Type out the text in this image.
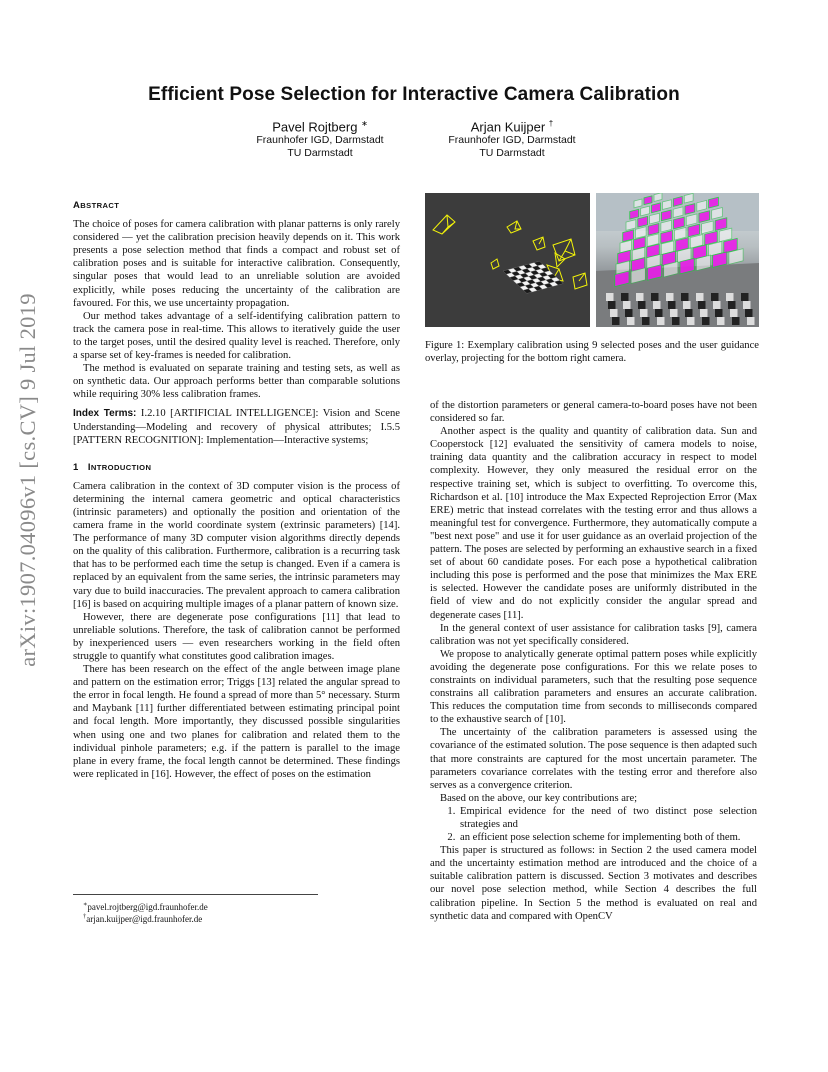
Efficient Pose Selection for Interactive Camera Calibration
Pavel Rojtberg ∗
Fraunhofer IGD, Darmstadt
TU Darmstadt
Arjan Kuijper †
Fraunhofer IGD, Darmstadt
TU Darmstadt
arXiv:1907.04096v1 [cs.CV] 9 Jul 2019
ABSTRACT

The choice of poses for camera calibration with planar patterns is only rarely considered — yet the calibration precision heavily depends on it. This work presents a pose selection method that finds a compact and robust set of calibration poses and is suitable for interactive calibration. Consequently, singular poses that would lead to an unreliable solution are avoided explicitly, while poses reducing the uncertainty of the calibration are favoured. For this, we use uncertainty propagation.

Our method takes advantage of a self-identifying calibration pattern to track the camera pose in real-time. This allows to iteratively guide the user to the target poses, until the desired quality level is reached. Therefore, only a sparse set of key-frames is needed for calibration.

The method is evaluated on separate training and testing sets, as well as on synthetic data. Our approach performs better than comparable solutions while requiring 30% less calibration frames.

Index Terms: I.2.10 [ARTIFICIAL INTELLIGENCE]: Vision and Scene Understanding—Modeling and recovery of physical attributes; I.5.5 [PATTERN RECOGNITION]: Implementation—Interactive systems;

1 INTRODUCTION

Camera calibration in the context of 3D computer vision is the process of determining the internal camera geometric and optical characteristics (intrinsic parameters) and optionally the position and orientation of the camera frame in the world coordinate system (extrinsic parameters) [14]. The performance of many 3D computer vision algorithms directly depends on the quality of this calibration. Furthermore, calibration is a recurring task that has to be performed each time the setup is changed. Even if a camera is replaced by an equivalent from the same series, the intrinsic parameters may vary due to build inaccuracies. The prevalent approach to camera calibration [16] is based on acquiring multiple images of a planar pattern of known size.

However, there are degenerate pose configurations [11] that lead to unreliable solutions. Therefore, the task of calibration cannot be performed by inexperienced users — even researchers working in the field often struggle to quantify what constitutes good calibration images.

There has been research on the effect of the angle between image plane and pattern on the estimation error; Triggs [13] related the angular spread to the error in focal length. He found a spread of more than 5° necessary. Sturm and Maybank [11] further differentiated between estimating principal point and focal length. More importantly, they discussed possible singularities when using one and two planes for calibration and related them to the individual pinhole parameters; e.g. if the pattern is parallel to the image plane in every frame, the focal length cannot be determined. These findings were replicated in [16]. However, the effect of poses on the estimation

∗pavel.rojtberg@igd.fraunhofer.de
†arjan.kuijper@igd.fraunhofer.de
Figure 1: Exemplary calibration using 9 selected poses and the user guidance overlay, projecting for the bottom right camera.

of the distortion parameters or general camera-to-board poses have not been considered so far.

Another aspect is the quality and quantity of calibration data. Sun and Cooperstock [12] evaluated the sensitivity of camera models to noise, training data quantity and the calibration accuracy in respect to model complexity. However, they only measured the residual error on the respective training set, which is subject to overfitting. To overcome this, Richardson et al. [10] introduce the Max Expected Reprojection Error (Max ERE) metric that instead correlates with the testing error and thus allows a meaningful test for convergence. Furthermore, they automatically compute a "best next pose" and use it for user guidance as an overlaid projection of the pattern. The poses are selected by performing an exhaustive search in a fixed set of about 60 candidate poses. For each pose a hypothetical calibration including this pose is performed and the pose that minimizes the Max ERE is selected. However the candidate poses are uniformly distributed in the field of view and do not explicitly consider the angular spread and degenerate cases [11].

In the general context of user assistance for calibration tasks [9], camera calibration was not yet specifically considered.

We propose to analytically generate optimal pattern poses while explicitly avoiding the degenerate pose configurations. For this we relate poses to constraints on individual parameters, such that the resulting pose sequence constrains all calibration parameters and ensures an accurate calibration. This reduces the computation time from seconds to milliseconds compared to the exhaustive search of [10].

The uncertainty of the calibration parameters is assessed using the covariance of the estimated solution. The pose sequence is then adapted such that more constraints are captured for the most uncertain parameter. The parameters covariance correlates with the testing error and therefore also serves as a convergence criterion.

Based on the above, our key contributions are;

1. Empirical evidence for the need of two distinct pose selection strategies and
2. an efficient pose selection scheme for implementing both of them.

This paper is structured as follows: in Section 2 the used camera model and the uncertainty estimation method are introduced and the choice of a suitable calibration pattern is discussed. Section 3 motivates and describes our novel pose selection method, while Section 4 describes the full calibration pipeline. In Section 5 the method is evaluated on real and synthetic data and compared with OpenCV
